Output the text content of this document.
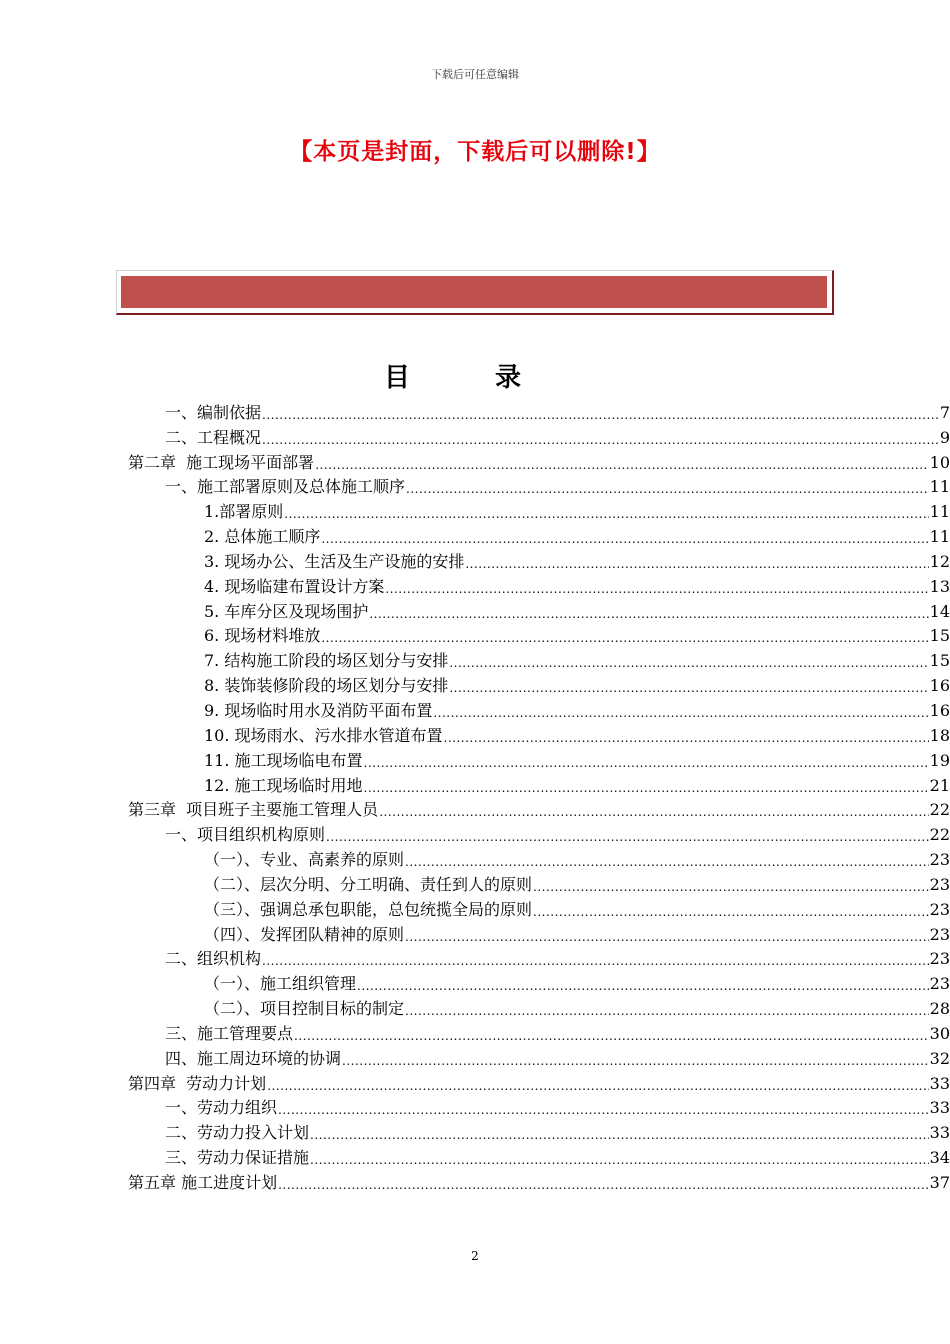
下载后可任意编辑
【本页是封面，下载后可以删除!】
目 录
一、编制依据 .....	7
二、工程概况 .....	9
第二章  施工现场平面部署 .....	10
一、施工部署原则及总体施工顺序 .....	11
1.部署原则 .....	11
2. 总体施工顺序 .....	11
3. 现场办公、生活及生产设施的安排 .....	12
4. 现场临建布置设计方案 .....	13
5. 车库分区及现场围护 .....	14
6. 现场材料堆放 .....	15
7. 结构施工阶段的场区划分与安排 .....	15
8. 装饰装修阶段的场区划分与安排 .....	16
9. 现场临时用水及消防平面布置 .....	16
10. 现场雨水、污水排水管道布置 .....	18
11. 施工现场临电布置 .....	19
12. 施工现场临时用地 .....	21
第三章  项目班子主要施工管理人员 .....	22
一、项目组织机构原则 .....	22
（一）、专业、高素养的原则 .....	23
（二）、层次分明、分工明确、责任到人的原则 .....	23
（三）、强调总承包职能，总包统揽全局的原则 .....	23
（四）、发挥团队精神的原则 .....	23
二、组织机构 .....	23
（一）、施工组织管理 .....	23
（二）、项目控制目标的制定 .....	28
三、施工管理要点 .....	30
四、施工周边环境的协调 .....	32
第四章  劳动力计划 .....	33
一、劳动力组织 .....	33
二、劳动力投入计划 .....	33
三、劳动力保证措施 .....	34
第五章 施工进度计划 .....	37
2
